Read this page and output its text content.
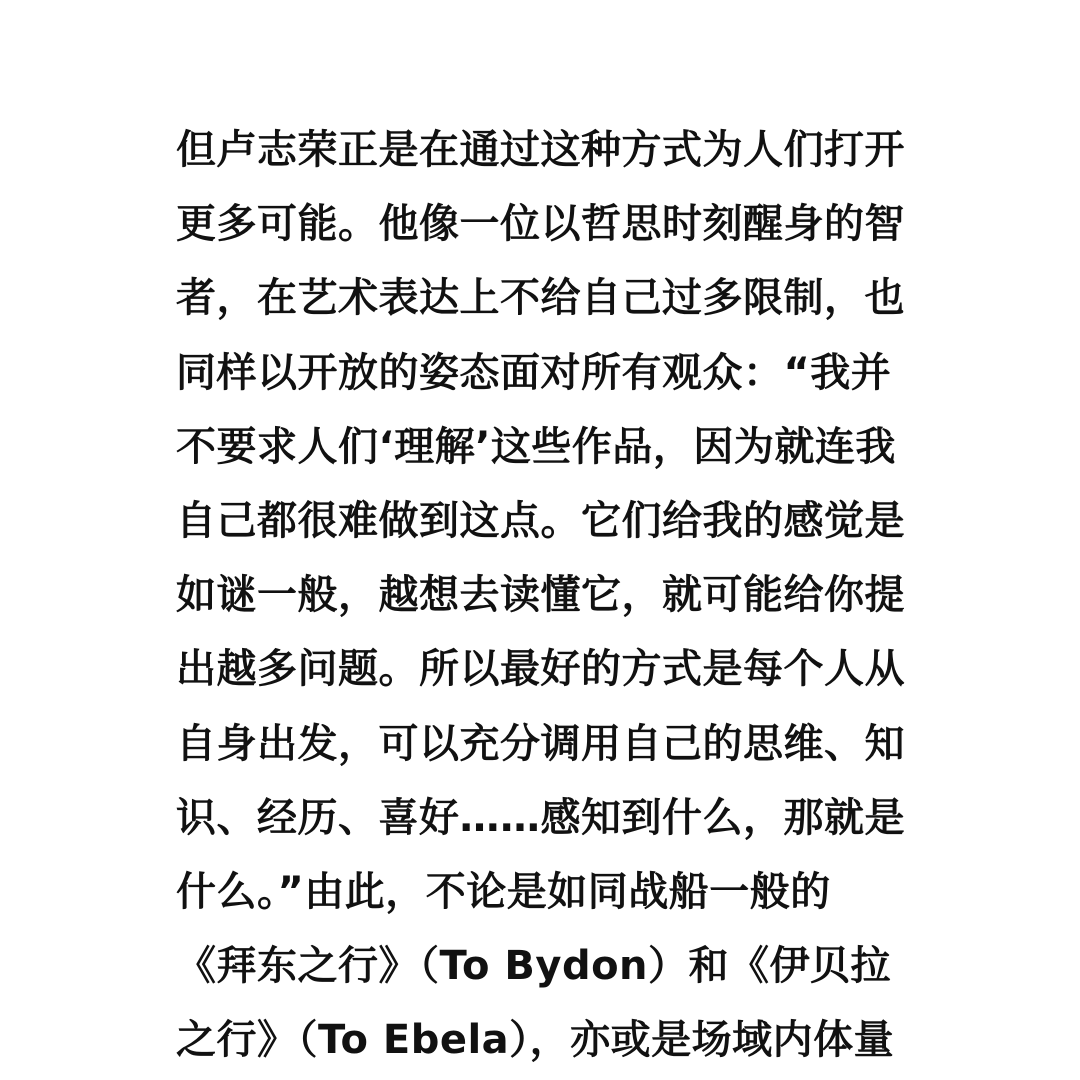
但卢志荣正是在通过这种方式为人们打开
更多可能。他像一位以哲思时刻醒身的智
者，在艺术表达上不给自己过多限制，也
同样以开放的姿态面对所有观众：“我并
不要求人们‘理解’这些作品，因为就连我
自己都很难做到这点。它们给我的感觉是
如谜一般，越想去读懂它，就可能给你提
出越多问题。所以最好的方式是每个人从
自身出发，可以充分调用自己的思维、知
识、经历、喜好……感知到什么，那就是
什么。”由此，不论是如同战船一般的
《拜东之行》（To Bydon）和《伊贝拉
之行》（To Ebela），亦或是场域内体量
